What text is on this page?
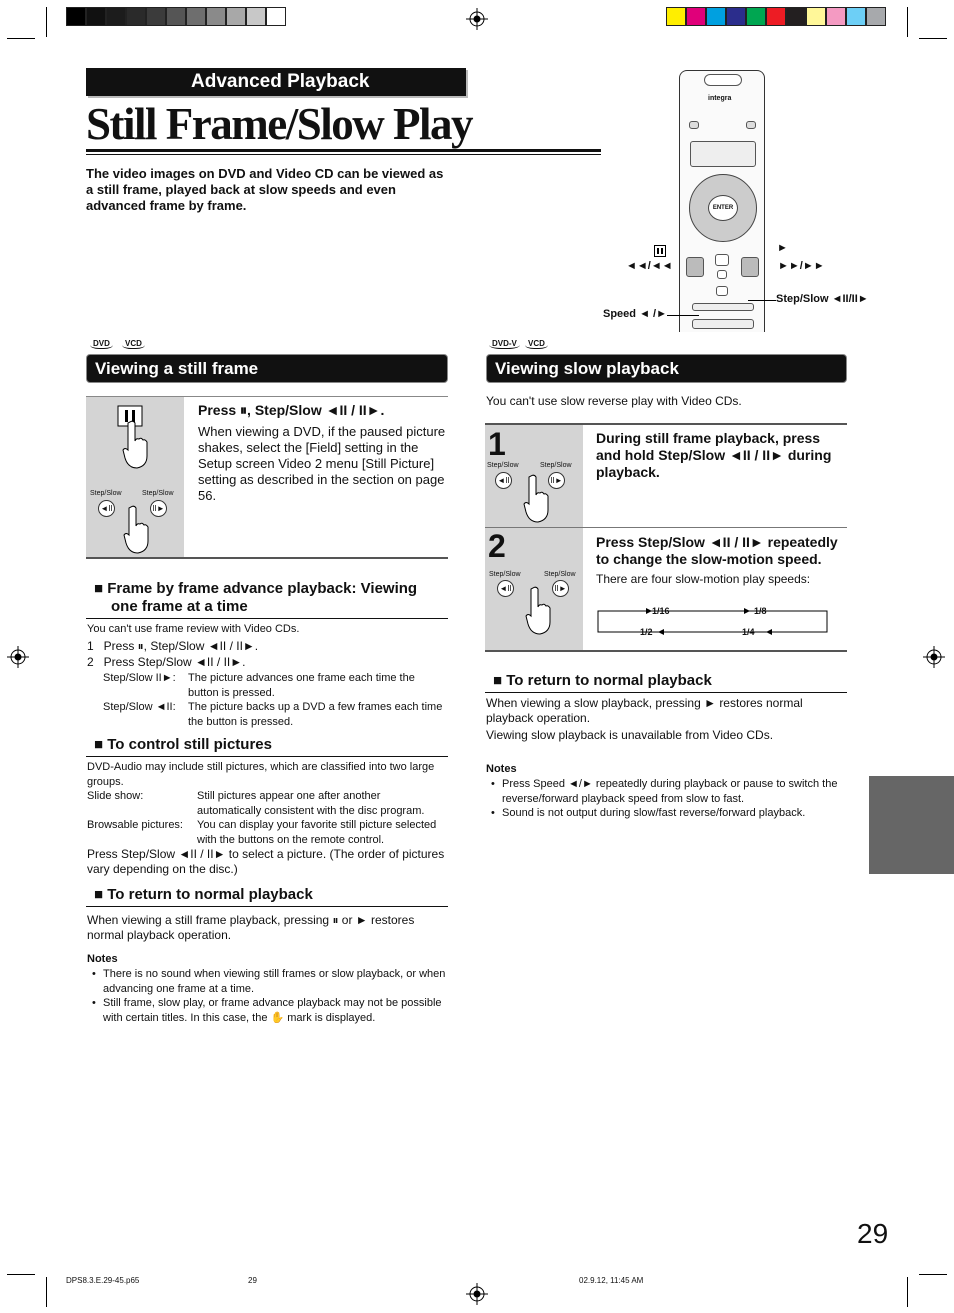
Advanced Playback
Still Frame/Slow Play
The video images on DVD and Video CD can be viewed as a still frame, played back at slow speeds and even advanced frame by frame.
integra
ENTER
►
◄◄/◄◄	►►/►►
Step/Slow ◄II/II►
Speed ◄ /►
DVD	VCD
Viewing a still frame
Step/Slow	Step/Slow
◄II	II►
Press ⏸, Step/Slow ◄II / II►.
When viewing a DVD, if the paused picture shakes, select the [Field] setting in the Setup screen Video 2 menu [Still Picture] setting as described in the section on page 56.
■ Frame by frame advance playback: Viewing
one frame at a time
You can't use frame review with Video CDs.
1   Press ⏸, Step/Slow ◄II / II►.
2   Press Step/Slow ◄II / II►.
Step/Slow II►: The picture advances one frame each time the button is pressed.
Step/Slow ◄II: The picture backs up a DVD a few frames each time the button is pressed.
■ To control still pictures
DVD-Audio may include still pictures, which are classified into two large groups.
Slide show:	Still pictures appear one after another automatically consistent with the disc program.
Browsable pictures: You can display your favorite still picture selected with the buttons on the remote control.
Press Step/Slow ◄II / II► to select a picture. (The order of pictures vary depending on the disc.)
■ To return to normal playback
When viewing a still frame playback, pressing ⏸ or ► restores normal playback operation.
Notes
• There is no sound when viewing still frames or slow playback, or when advancing one frame at a time.
• Still frame, slow play, or frame advance playback may not be possible with certain titles. In this case, the ✋ mark is displayed.
DVD-V	VCD
Viewing slow playback
You can't use slow reverse play with Video CDs.
1
Step/Slow	Step/Slow
◄II	II►
During still frame playback, press and hold Step/Slow ◄II / II► during playback.
2
Step/Slow	Step/Slow
◄II	II►
Press Step/Slow ◄II / II► repeatedly to change the slow-motion speed.
There are four slow-motion play speeds:
1/16	1/8
1/2	1/4
■ To return to normal playback
When viewing a slow playback, pressing ► restores normal playback operation.
Viewing slow playback is unavailable from Video CDs.
Notes
• Press Speed ◄/► repeatedly during playback or pause to switch the reverse/forward playback speed from slow to fast.
• Sound is not output during slow/fast reverse/forward playback.
29
DPS8.3.E.29-45.p65	29	02.9.12, 11:45 AM
